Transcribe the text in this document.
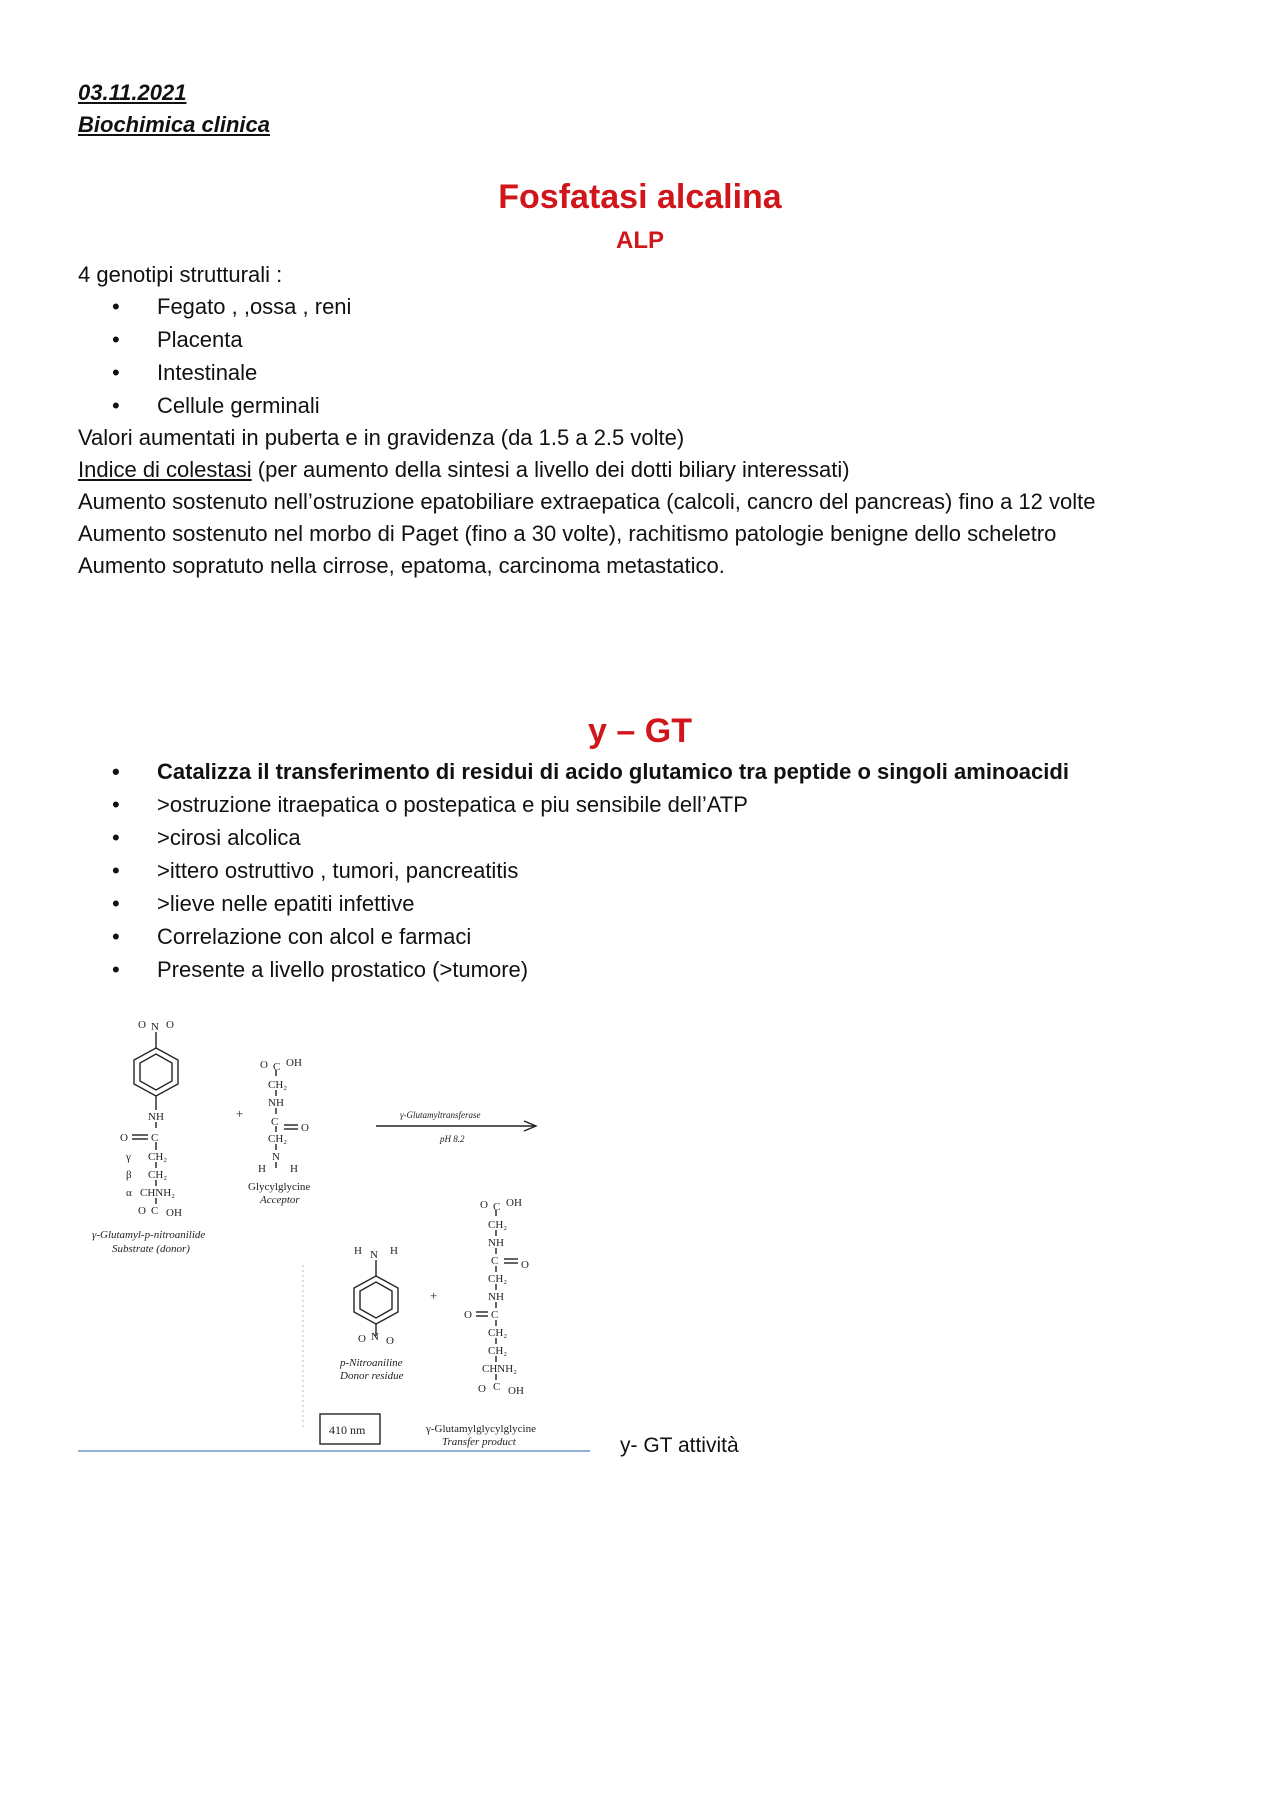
03.11.2021
Biochimica clinica
Fosfatasi alcalina
ALP
4 genotipi strutturali :
• Fegato , ,ossa , reni
• Placenta
• Intestinale
• Cellule germinali
Valori aumentati in puberta e in gravidenza (da 1.5 a 2.5 volte)
Indice di colestasi (per aumento della sintesi a livello dei dotti biliary interessati)
Aumento sostenuto nell’ostruzione epatobiliare extraepatica (calcoli, cancro del pancreas) fino a 12 volte
Aumento sostenuto nel morbo di Paget (fino a 30 volte), rachitismo patologie benigne dello scheletro
Aumento sopratuto nella cirrose, epatoma, carcinoma metastatico.
y – GT
• Catalizza il transferimento di residui di acido glutamico tra peptide o singoli aminoacidi
• >ostruzione itraepatica o postepatica e piu sensibile dell’ATP
• >cirosi alcolica
• >ittero ostruttivo , tumori, pancreatitis
• >lieve nelle epatiti infettive
• Correlazione con alcol e farmaci
• Presente a livello prostatico (>tumore)
O N O
NH
O C
γ CH₂
β CH₂
α CHNH₂
O C OH
γ-Glutamyl-p-nitroanilide
Substrate (donor)
+
O C OH
CH₂
NH
C O
CH₂
N
H H
Glycylglycine
Acceptor
γ-Glutamyltransferase
pH 8.2
H N H
O N O
p-Nitroaniline
Donor residue
+
O C OH
CH₂
NH
C O
CH₂
NH
O C
CH₂
CH₂
CHNH₂
O C OH
γ-Glutamylglycylglycine
Transfer product
410 nm
y- GT attività
